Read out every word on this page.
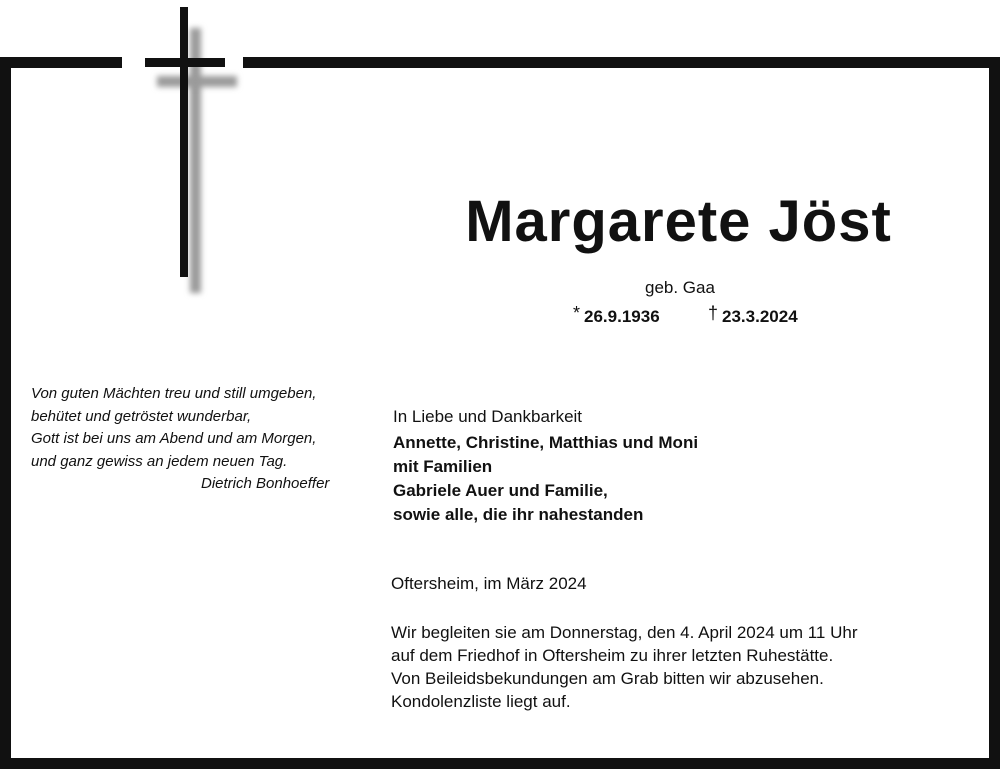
Margarete Jöst
geb. Gaa
* 26.9.1936	† 23.3.2024
Von guten Mächten treu und still umgeben,
behütet und getröstet wunderbar,
Gott ist bei uns am Abend und am Morgen,
und ganz gewiss an jedem neuen Tag.
Dietrich Bonhoeffer
In Liebe und Dankbarkeit
Annette, Christine, Matthias und Moni
mit Familien
Gabriele Auer und Familie,
sowie alle, die ihr nahestanden
Oftersheim, im März 2024
Wir begleiten sie am Donnerstag, den 4. April 2024 um 11 Uhr
auf dem Friedhof in Oftersheim zu ihrer letzten Ruhestätte.
Von Beileidsbekundungen am Grab bitten wir abzusehen.
Kondolenzliste liegt auf.
